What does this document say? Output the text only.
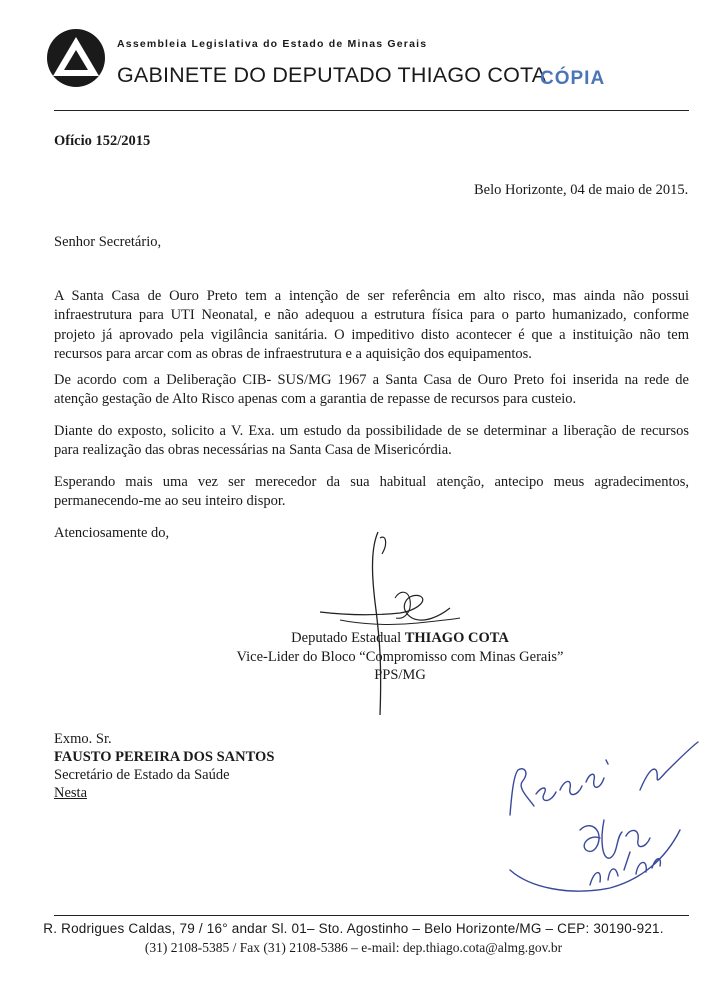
Assembleia Legislativa do Estado de Minas Gerais
GABINETE DO DEPUTADO THIAGO COTA
CÓPIA
Ofício 152/2015
Belo Horizonte, 04 de maio de 2015.
Senhor Secretário,

A Santa Casa de Ouro Preto tem a intenção de ser referência em alto risco, mas ainda não possui infraestrutura para UTI Neonatal, e não adequou a estrutura física para o parto humanizado, conforme projeto já aprovado pela vigilância sanitária. O impeditivo disto acontecer é que a instituição não tem recursos para arcar com as obras de infraestrutura e a aquisição dos equipamentos.

De acordo com a Deliberação CIB- SUS/MG 1967 a Santa Casa de Ouro Preto foi inserida na rede de atenção gestação de Alto Risco apenas com a garantia de repasse de recursos para custeio.

Diante do exposto, solicito a V. Exa. um estudo da possibilidade de se determinar a liberação de recursos para realização das obras necessárias na Santa Casa de Misericórdia.

Esperando mais uma vez ser merecedor da sua habitual atenção, antecipo meus agradecimentos, permanecendo-me ao seu inteiro dispor.

Atenciosamente do,
Deputado Estadual THIAGO COTA
Vice-Lider do Bloco “Compromisso com Minas Gerais”
PPS/MG
Exmo. Sr.
FAUSTO PEREIRA DOS SANTOS
Secretário de Estado da Saúde
Nesta
R. Rodrigues Caldas, 79 / 16° andar Sl. 01– Sto. Agostinho – Belo Horizonte/MG – CEP: 30190-921.
(31) 2108-5385 / Fax (31) 2108-5386 – e-mail: dep.thiago.cota@almg.gov.br
